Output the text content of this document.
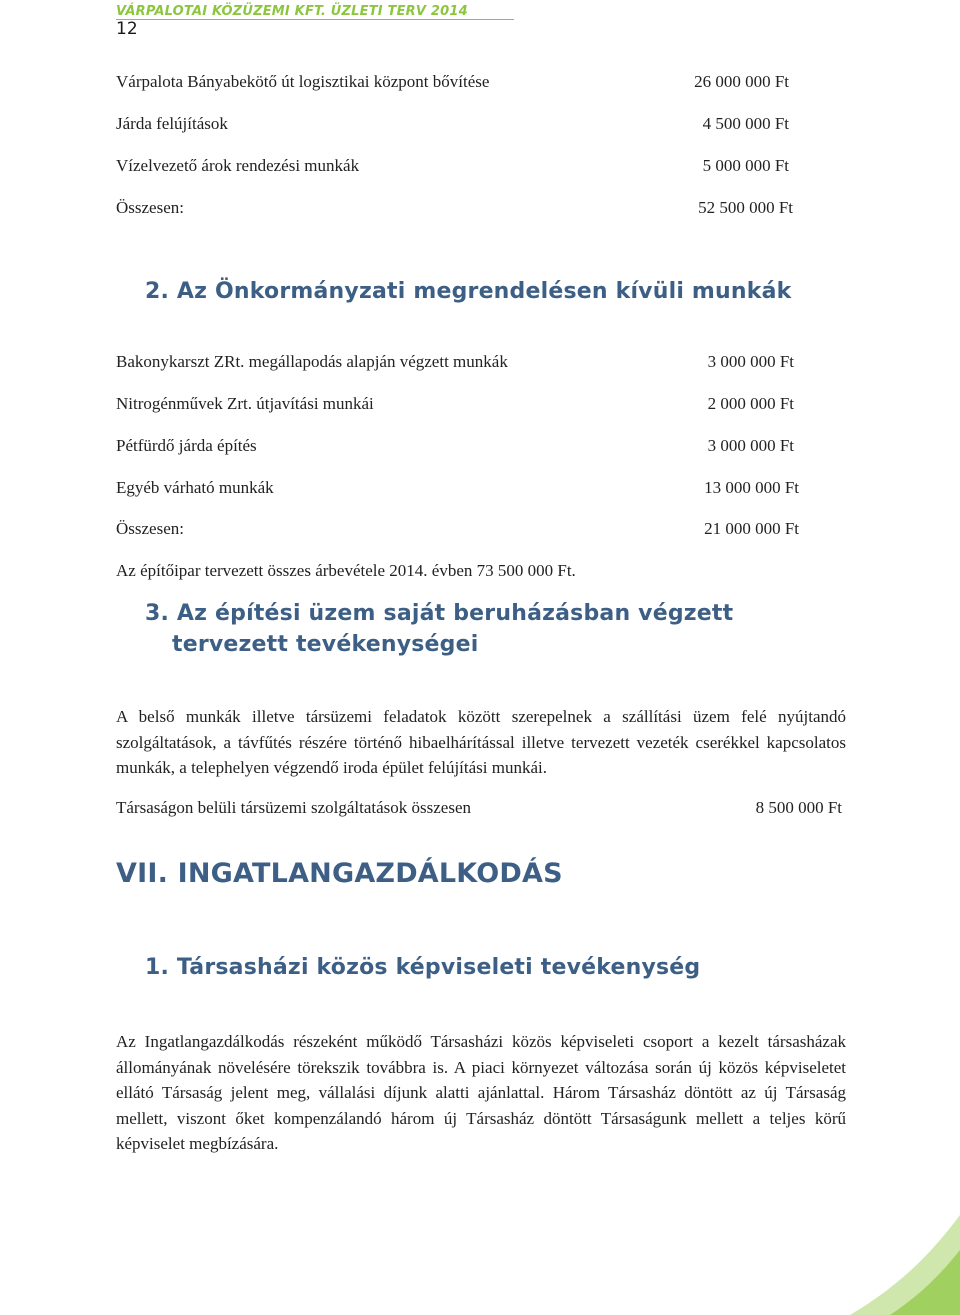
VÁRPALOTAI KÖZÜZEMI KFT. ÜZLETI TERV 2014
12
Várpalota Bányabekötő út logisztikai központ bővítése	26 000 000 Ft
Járda felújítások	4 500 000 Ft
Vízelvezető árok rendezési munkák	5 000 000 Ft
Összesen:	52 500 000 Ft
2. Az Önkormányzati megrendelésen kívüli munkák
Bakonykarszt ZRt. megállapodás alapján végzett munkák	3 000 000 Ft
Nitrogénművek Zrt. útjavítási munkái	2 000 000 Ft
Pétfürdő járda építés	3 000 000 Ft
Egyéb várható munkák	13 000 000 Ft
Összesen:	21 000 000 Ft
Az építőipar tervezett összes árbevétele 2014. évben 73 500 000 Ft.
3. Az építési üzem saját beruházásban végzett
tervezett tevékenységei
A belső munkák illetve társüzemi feladatok között szerepelnek a szállítási üzem felé nyújtandó szolgáltatások, a távfűtés részére történő hibaelhárítással illetve tervezett vezeték cserékkel kapcsolatos munkák, a telephelyen végzendő iroda épület felújítási munkái.
Társaságon belüli társüzemi szolgáltatások összesen	8 500 000 Ft
VII. INGATLANGAZDÁLKODÁS
1. Társasházi közös képviseleti tevékenység
Az Ingatlangazdálkodás részeként működő Társasházi közös képviseleti csoport a kezelt társasházak állományának növelésére törekszik továbbra is. A piaci környezet változása során új közös képviseletet ellátó Társaság jelent meg, vállalási díjunk alatti ajánlattal. Három Társasház döntött az új Társaság mellett, viszont őket kompenzálandó három új Társasház döntött Társaságunk mellett a teljes körű képviselet megbízására.
